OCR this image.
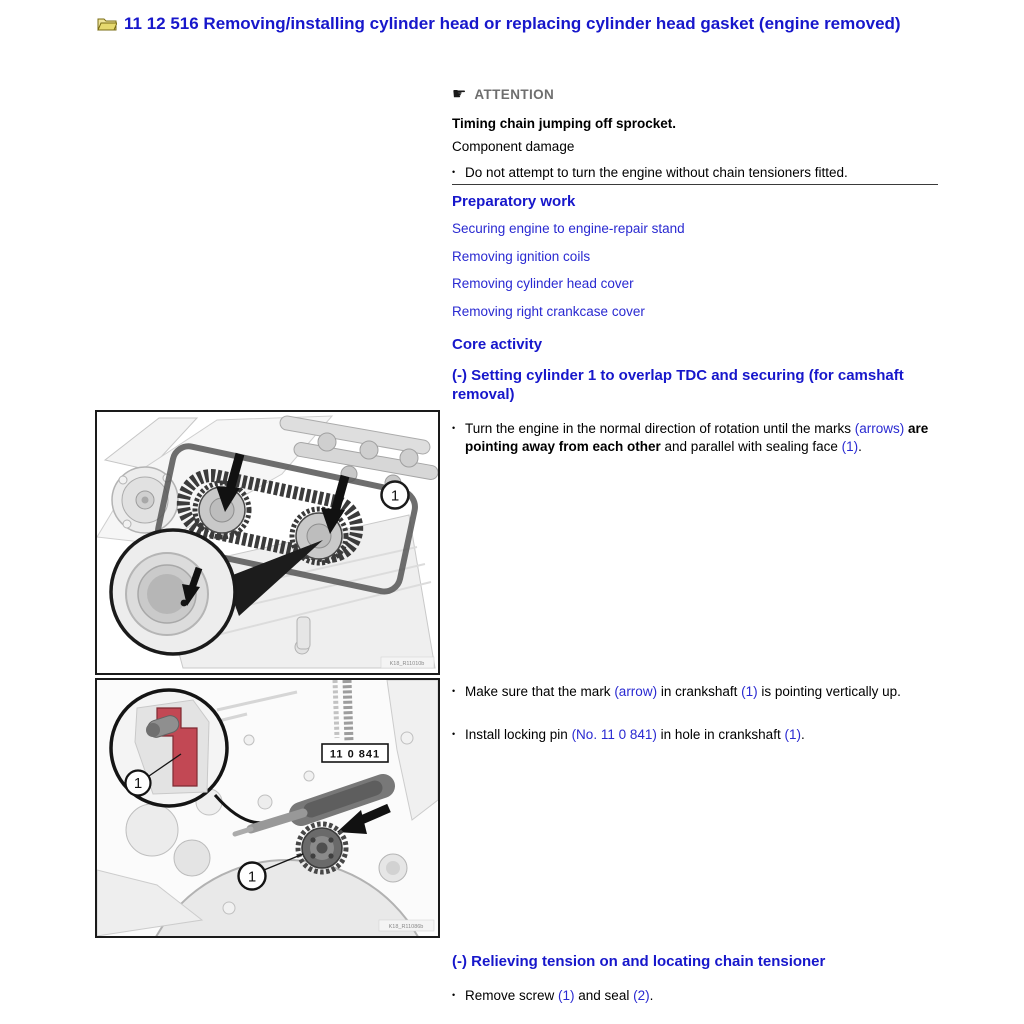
11 12 516 Removing/installing cylinder head or replacing cylinder head gasket (engine removed)
☛ ATTENTION
Timing chain jumping off sprocket.
Component damage
• Do not attempt to turn the engine without chain tensioners fitted.
Preparatory work
Securing engine to engine-repair stand
Removing ignition coils
Removing cylinder head cover
Removing right crankcase cover
Core activity
(-) Setting cylinder 1 to overlap TDC and securing (for camshaft removal)
• Turn the engine in the normal direction of rotation until the marks (arrows) are pointing away from each other and parallel with sealing face (1).
• Make sure that the mark (arrow) in crankshaft (1) is pointing vertically up.
• Install locking pin (No. 11 0 841) in hole in crankshaft (1).
1
K18_R11010b
1
11 0 841
1
K18_R11086b
(-) Relieving tension on and locating chain tensioner
• Remove screw (1) and seal (2).
